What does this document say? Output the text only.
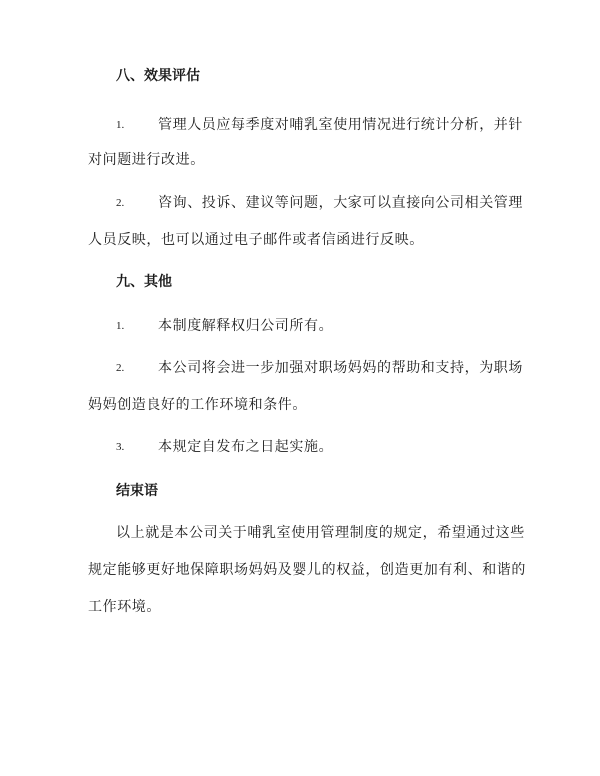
八、效果评估
1. 管理人员应每季度对哺乳室使用情况进行统计分析，并针
对问题进行改进。
2. 咨询、投诉、建议等问题，大家可以直接向公司相关管理
人员反映，也可以通过电子邮件或者信函进行反映。
九、其他
1. 本制度解释权归公司所有。
2. 本公司将会进一步加强对职场妈妈的帮助和支持，为职场
妈妈创造良好的工作环境和条件。
3. 本规定自发布之日起实施。
结束语
以上就是本公司关于哺乳室使用管理制度的规定，希望通过这些
规定能够更好地保障职场妈妈及婴儿的权益，创造更加有利、和谐的
工作环境。
